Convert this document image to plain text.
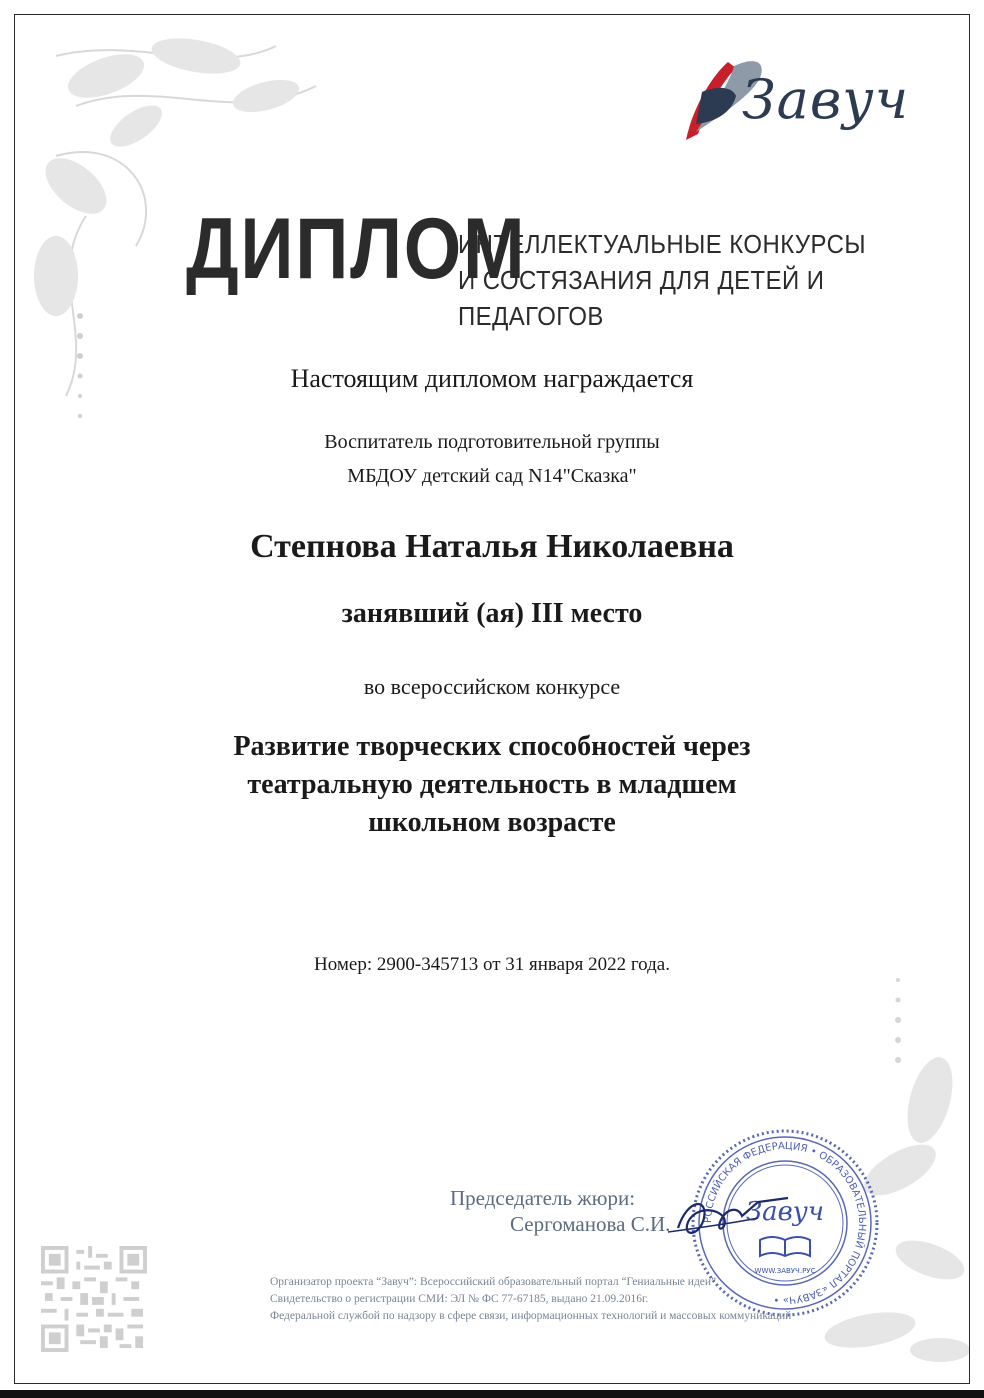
Завуч
ДИПЛОМ
ИНТЕЛЛЕКТУАЛЬНЫЕ КОНКУРСЫ
И СОСТЯЗАНИЯ ДЛЯ ДЕТЕЙ И ПЕДАГОГОВ
Настоящим дипломом награждается
Воспитатель подготовительной группы
МБДОУ детский сад N14"Сказка"
Степнова Наталья Николаевна
занявший (ая) III место
во всероссийском конкурсе
Развитие творческих способностей через
театральную деятельность в младшем
школьном возрасте
Номер: 2900-345713 от 31 января 2022 года.
Председатель жюри:
Сергоманова С.И.	РОССИЙСКАЯ ФЕДЕРАЦИЯ • ОБРАЗОВАТЕЛЬНЫЙ ПОРТАЛ «ЗАВУЧ» •
Завуч
WWW.ЗАВУЧ.РУС
Организатор проекта “Завуч”: Всероссийский образовательный портал “Гениальные идеи”
Свидетельство о регистрации СМИ: ЭЛ № ФС 77-67185, выдано 21.09.2016г.
Федеральной службой по надзору в сфере связи, информационных технологий и массовых коммуникаций
